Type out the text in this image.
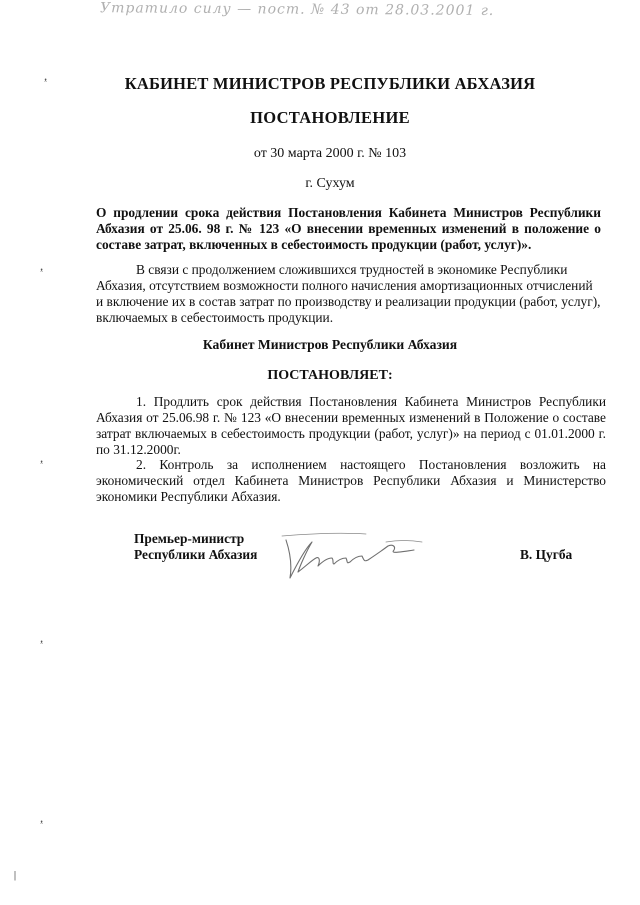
Утратило силу — пост. № 43 от 28.03.2001 г.
КАБИНЕТ МИНИСТРОВ РЕСПУБЛИКИ АБХАЗИЯ
ПОСТАНОВЛЕНИЕ
от 30 марта 2000 г. № 103
г. Сухум
О продлении срока действия Постановления Кабинета Министров Республики Абхазия от 25.06. 98 г. № 123 «О внесении временных изменений в положение о составе затрат, включенных в себестоимость продукции (работ, услуг)».
В связи с продолжением сложившихся трудностей в экономике Республики Абхазия, отсутствием возможности полного начисления амортизационных отчислений и включение их в состав затрат по производству и реализации продукции (работ, услуг), включаемых в себестоимость продукции.
Кабинет Министров Республики Абхазия
ПОСТАНОВЛЯЕТ:
1. Продлить срок действия Постановления Кабинета Министров Республики Абхазия от 25.06.98 г. № 123 «О внесении временных изменений в Положение о составе затрат включаемых в себестоимость продукции (работ, услуг)» на период с 01.01.2000 г. по 31.12.2000г.
2. Контроль за исполнением настоящего Постановления возложить на экономический отдел Кабинета Министров Республики Абхазия и Министерство экономики Республики Абхазия.
Премьер-министр
Республики Абхазия	В. Цугба
ᵜ
ᵜ
ᵜ
ᵜ
ᵜ
|
